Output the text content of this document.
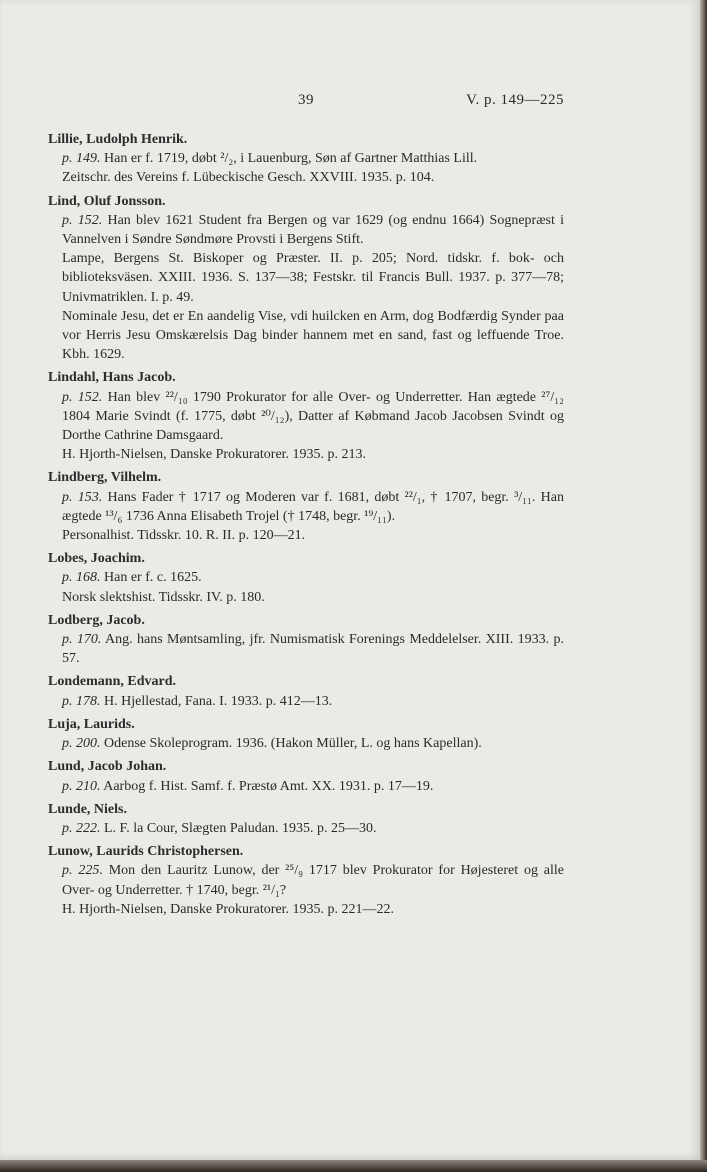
39	V. p. 149—225
Lillie, Ludolph Henrik.
p. 149. Han er f. 1719, døbt ²/₂, i Lauenburg, Søn af Gartner Matthias Lill.
Zeitschr. des Vereins f. Lübeckische Gesch. XXVIII. 1935. p. 104.
Lind, Oluf Jonsson.
p. 152. Han blev 1621 Student fra Bergen og var 1629 (og endnu 1664) Sognepræst i Vannelven i Søndre Søndmøre Provsti i Bergens Stift.
Lampe, Bergens St. Biskoper og Præster. II. p. 205; Nord. tidskr. f. bok- och biblioteksväsen. XXIII. 1936. S. 137—38; Festskr. til Francis Bull. 1937. p. 377—78; Univmatriklen. I. p. 49.
Nominale Jesu, det er En aandelig Vise, vdi huilcken en Arm, dog Bodfærdig Synder paa vor Herris Jesu Omskærelsis Dag binder hannem met en sand, fast og leffuende Troe. Kbh. 1629.
Lindahl, Hans Jacob.
p. 152. Han blev ²²/₁₀ 1790 Prokurator for alle Over- og Underretter. Han ægtede ²⁷/₁₂ 1804 Marie Svindt (f. 1775, døbt ²⁰/₁₂), Datter af Købmand Jacob Jacobsen Svindt og Dorthe Cathrine Damsgaard.
H. Hjorth-Nielsen, Danske Prokuratorer. 1935. p. 213.
Lindberg, Vilhelm.
p. 153. Hans Fader † 1717 og Moderen var f. 1681, døbt ²²/₁, † 1707, begr. ³/₁₁. Han ægtede ¹³/₆ 1736 Anna Elisabeth Trojel († 1748, begr. ¹⁹/₁₁).
Personalhist. Tidsskr. 10. R. II. p. 120—21.
Lobes, Joachim.
p. 168. Han er f. c. 1625.
Norsk slektshist. Tidsskr. IV. p. 180.
Lodberg, Jacob.
p. 170. Ang. hans Møntsamling, jfr. Numismatisk Forenings Meddelelser. XIII. 1933. p. 57.
Londemann, Edvard.
p. 178. H. Hjellestad, Fana. I. 1933. p. 412—13.
Luja, Laurids.
p. 200. Odense Skoleprogram. 1936. (Hakon Müller, L. og hans Kapellan).
Lund, Jacob Johan.
p. 210. Aarbog f. Hist. Samf. f. Præstø Amt. XX. 1931. p. 17—19.
Lunde, Niels.
p. 222. L. F. la Cour, Slægten Paludan. 1935. p. 25—30.
Lunow, Laurids Christophersen.
p. 225. Mon den Lauritz Lunow, der ²⁵/₉ 1717 blev Prokurator for Højesteret og alle Over- og Underretter. † 1740, begr. ²¹/₁?
H. Hjorth-Nielsen, Danske Prokuratorer. 1935. p. 221—22.
